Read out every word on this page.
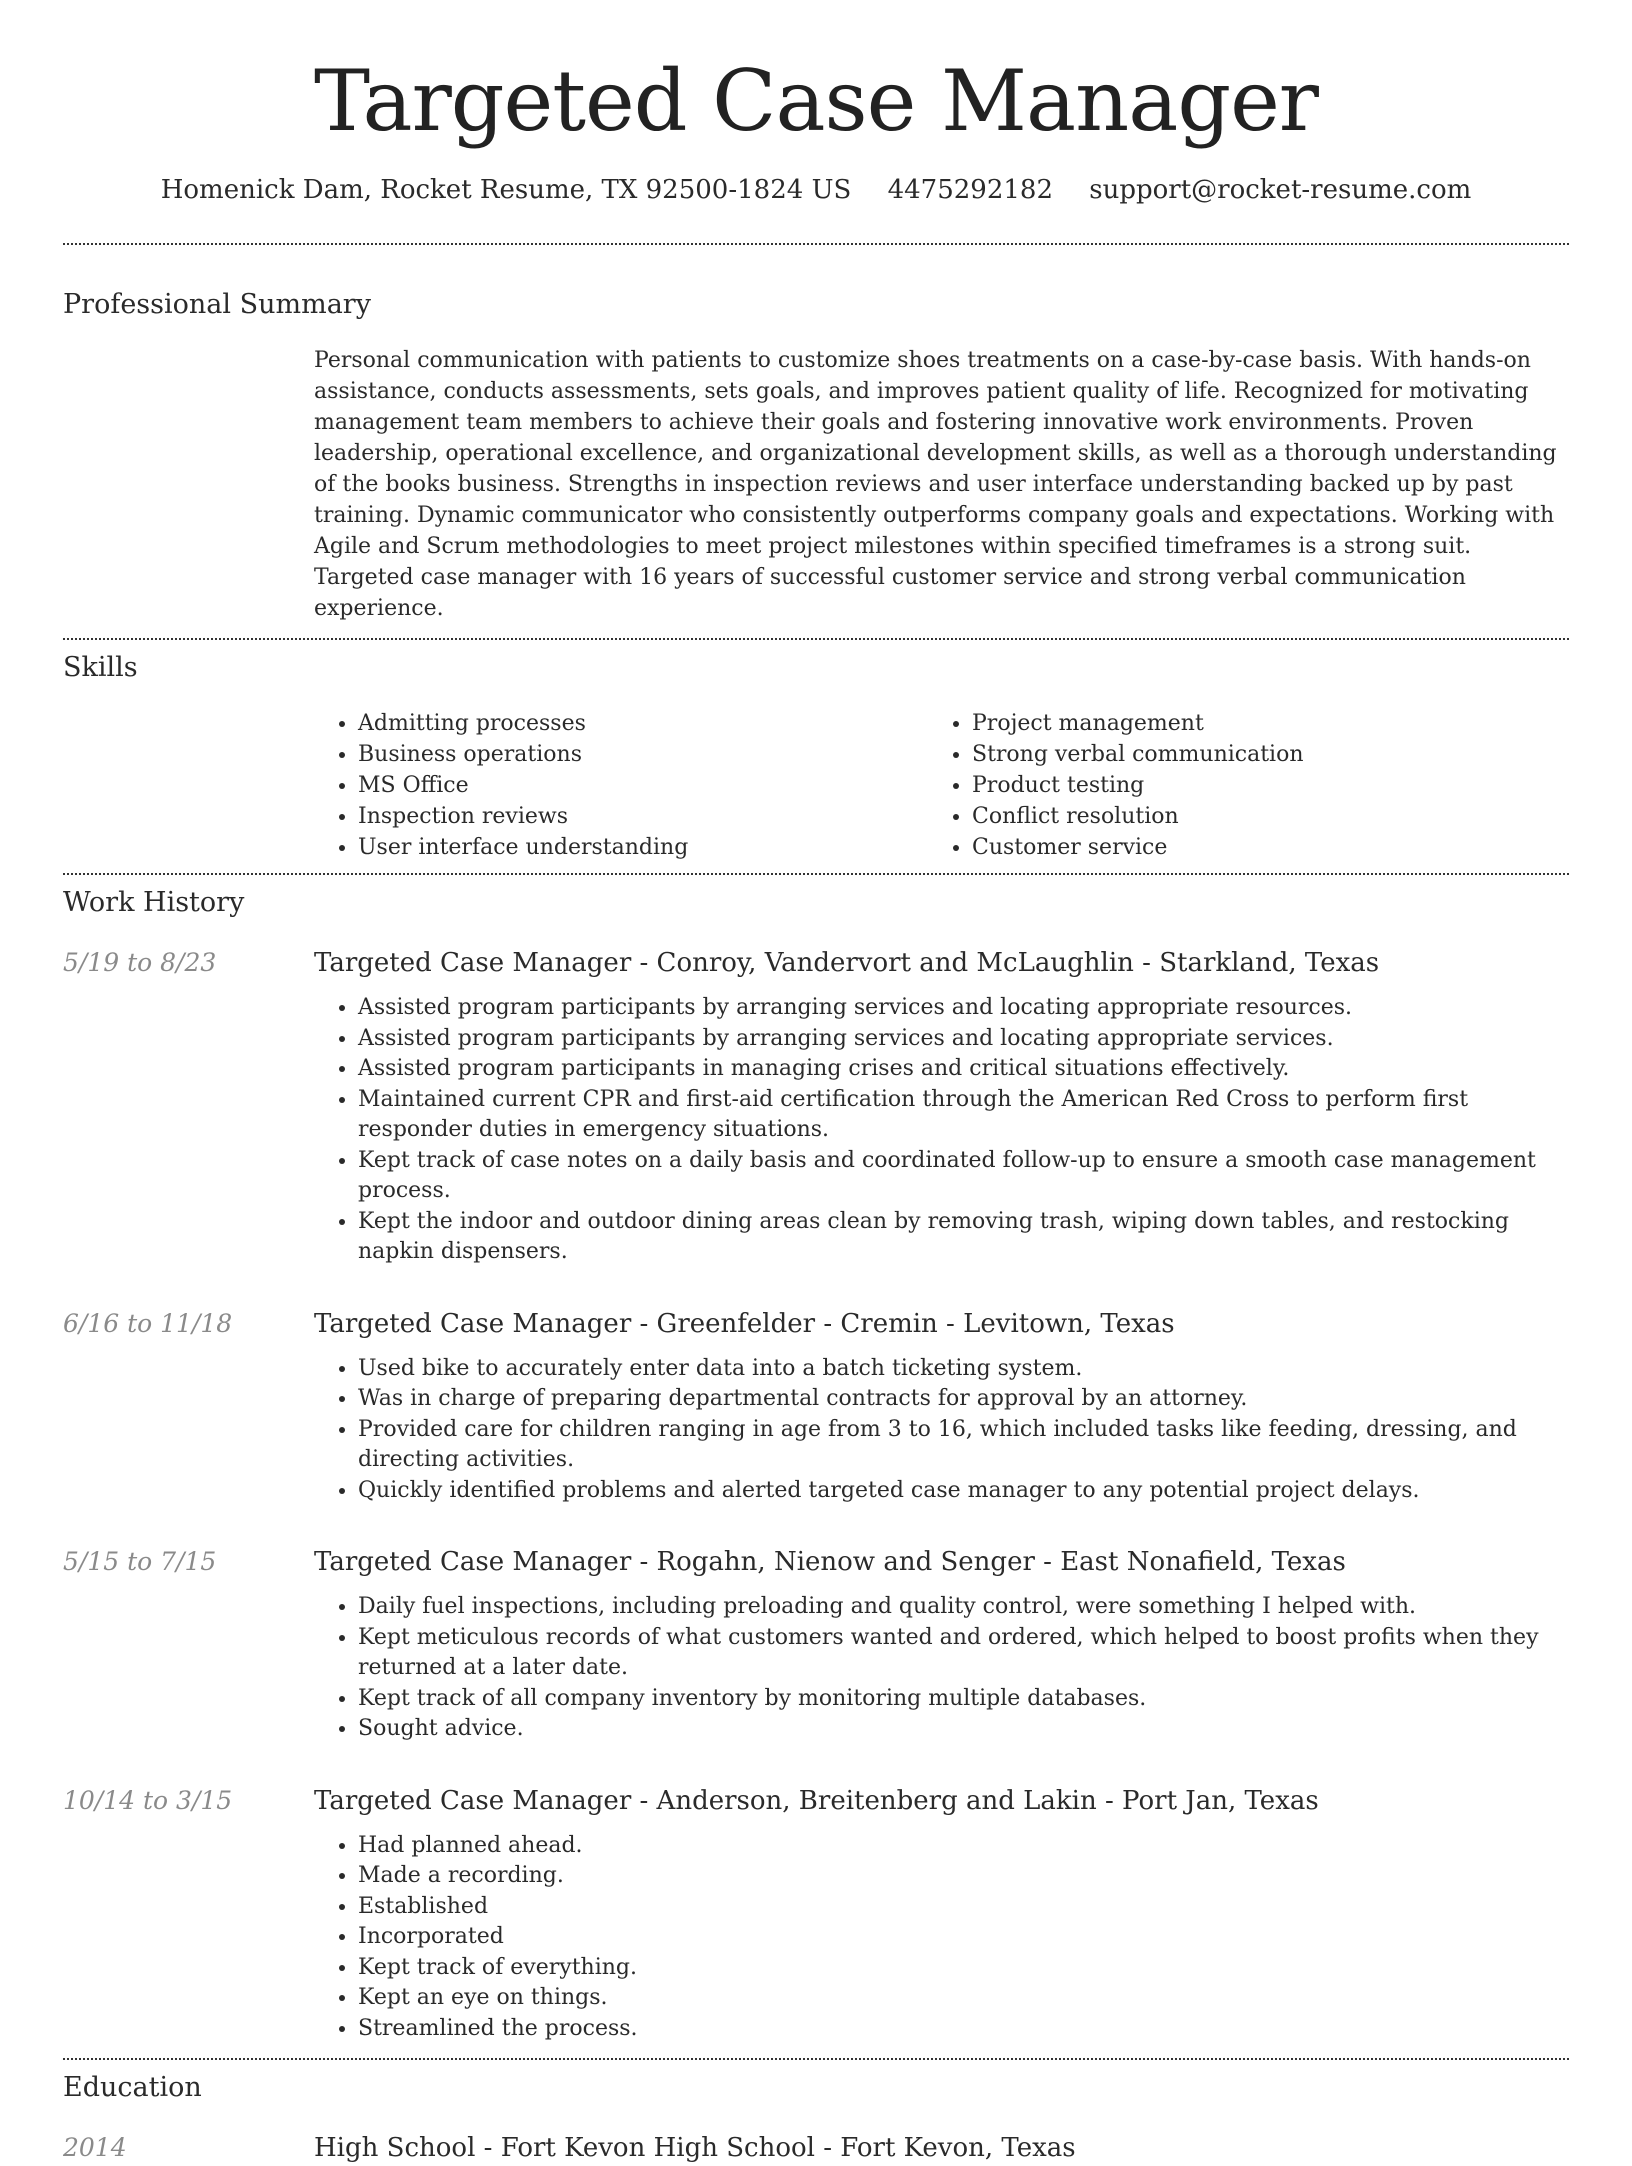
Targeted Case Manager
Homenick Dam, Rocket Resume, TX 92500-1824 US 4475292182 support@rocket-resume.com
Professional Summary
Personal communication with patients to customize shoes treatments on a case-by-case basis. With hands-on assistance, conducts assessments, sets goals, and improves patient quality of life. Recognized for motivating management team members to achieve their goals and fostering innovative work environments. Proven leadership, operational excellence, and organizational development skills, as well as a thorough understanding of the books business. Strengths in inspection reviews and user interface understanding backed up by past training. Dynamic communicator who consistently outperforms company goals and expectations. Working with Agile and Scrum methodologies to meet project milestones within specified timeframes is a strong suit. Targeted case manager with 16 years of successful customer service and strong verbal communication experience.
Skills
• Admitting processes
• Business operations
• MS Office
• Inspection reviews
• User interface understanding
• Project management
• Strong verbal communication
• Product testing
• Conflict resolution
• Customer service
Work History
5/19 to 8/23	Targeted Case Manager - Conroy, Vandervort and McLaughlin - Starkland, Texas
• Assisted program participants by arranging services and locating appropriate resources.
• Assisted program participants by arranging services and locating appropriate services.
• Assisted program participants in managing crises and critical situations effectively.
• Maintained current CPR and first-aid certification through the American Red Cross to perform first responder duties in emergency situations.
• Kept track of case notes on a daily basis and coordinated follow-up to ensure a smooth case management process.
• Kept the indoor and outdoor dining areas clean by removing trash, wiping down tables, and restocking napkin dispensers.
6/16 to 11/18	Targeted Case Manager - Greenfelder - Cremin - Levitown, Texas
• Used bike to accurately enter data into a batch ticketing system.
• Was in charge of preparing departmental contracts for approval by an attorney.
• Provided care for children ranging in age from 3 to 16, which included tasks like feeding, dressing, and directing activities.
• Quickly identified problems and alerted targeted case manager to any potential project delays.
5/15 to 7/15	Targeted Case Manager - Rogahn, Nienow and Senger - East Nonafield, Texas
• Daily fuel inspections, including preloading and quality control, were something I helped with.
• Kept meticulous records of what customers wanted and ordered, which helped to boost profits when they returned at a later date.
• Kept track of all company inventory by monitoring multiple databases.
• Sought advice.
10/14 to 3/15	Targeted Case Manager - Anderson, Breitenberg and Lakin - Port Jan, Texas
• Had planned ahead.
• Made a recording.
• Established
• Incorporated
• Kept track of everything.
• Kept an eye on things.
• Streamlined the process.
Education
2014	High School - Fort Kevon High School - Fort Kevon, Texas
